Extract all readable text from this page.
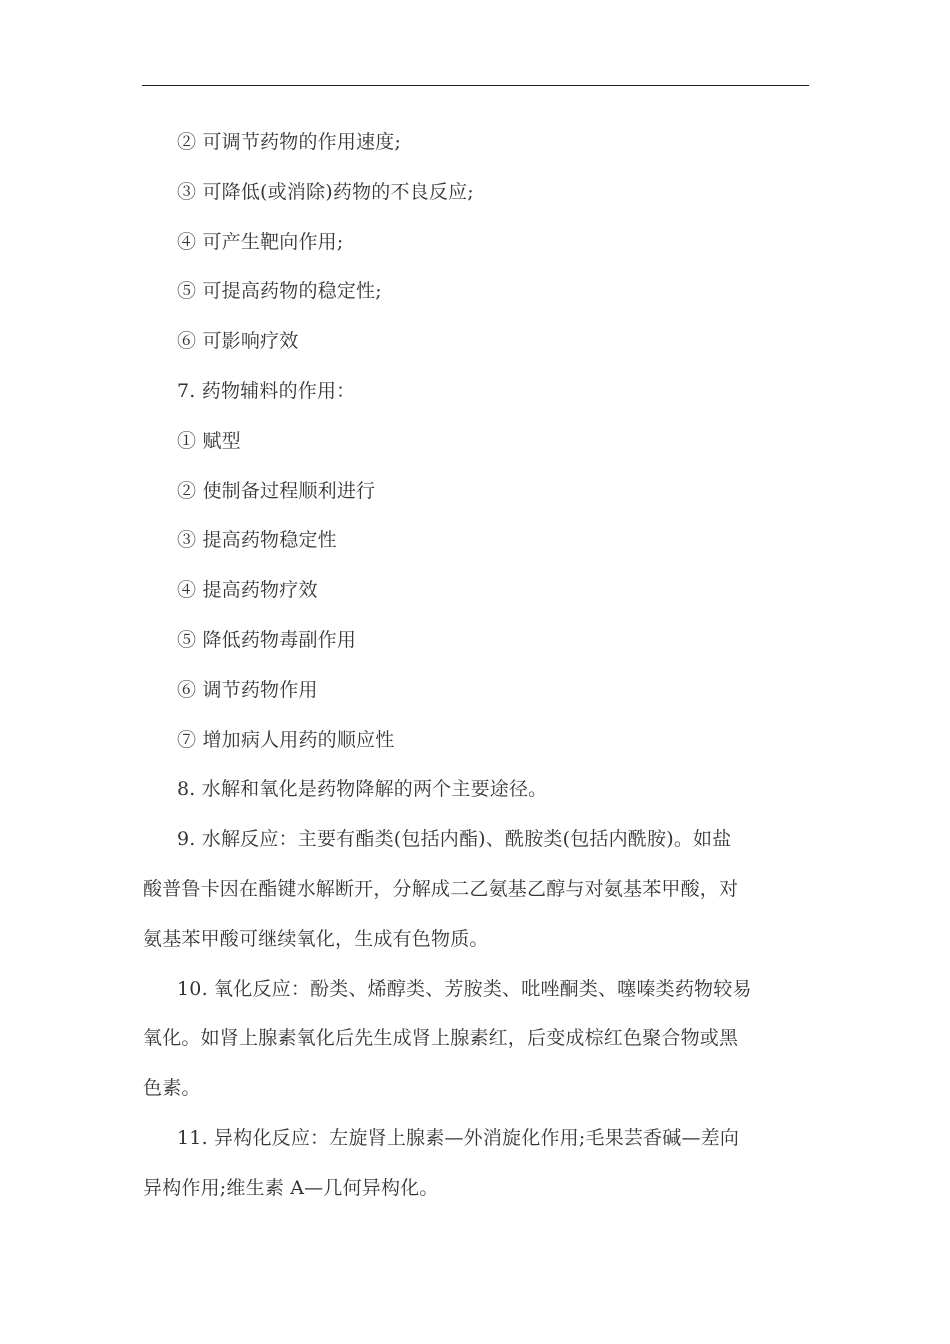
② 可调节药物的作用速度;

③ 可降低(或消除)药物的不良反应;

④ 可产生靶向作用;

⑤ 可提高药物的稳定性;

⑥ 可影响疗效

7. 药物辅料的作用：

① 赋型

② 使制备过程顺利进行

③ 提高药物稳定性

④ 提高药物疗效

⑤ 降低药物毒副作用

⑥ 调节药物作用

⑦ 增加病人用药的顺应性

8. 水解和氧化是药物降解的两个主要途径。

9. 水解反应：主要有酯类(包括内酯)、酰胺类(包括内酰胺)。如盐

酸普鲁卡因在酯键水解断开，分解成二乙氨基乙醇与对氨基苯甲酸，对

氨基苯甲酸可继续氧化，生成有色物质。

10. 氧化反应：酚类、烯醇类、芳胺类、吡唑酮类、噻嗪类药物较易

氧化。如肾上腺素氧化后先生成肾上腺素红，后变成棕红色聚合物或黑

色素。

11. 异构化反应：左旋肾上腺素—外消旋化作用;毛果芸香碱—差向

异构作用;维生素 A—几何异构化。
